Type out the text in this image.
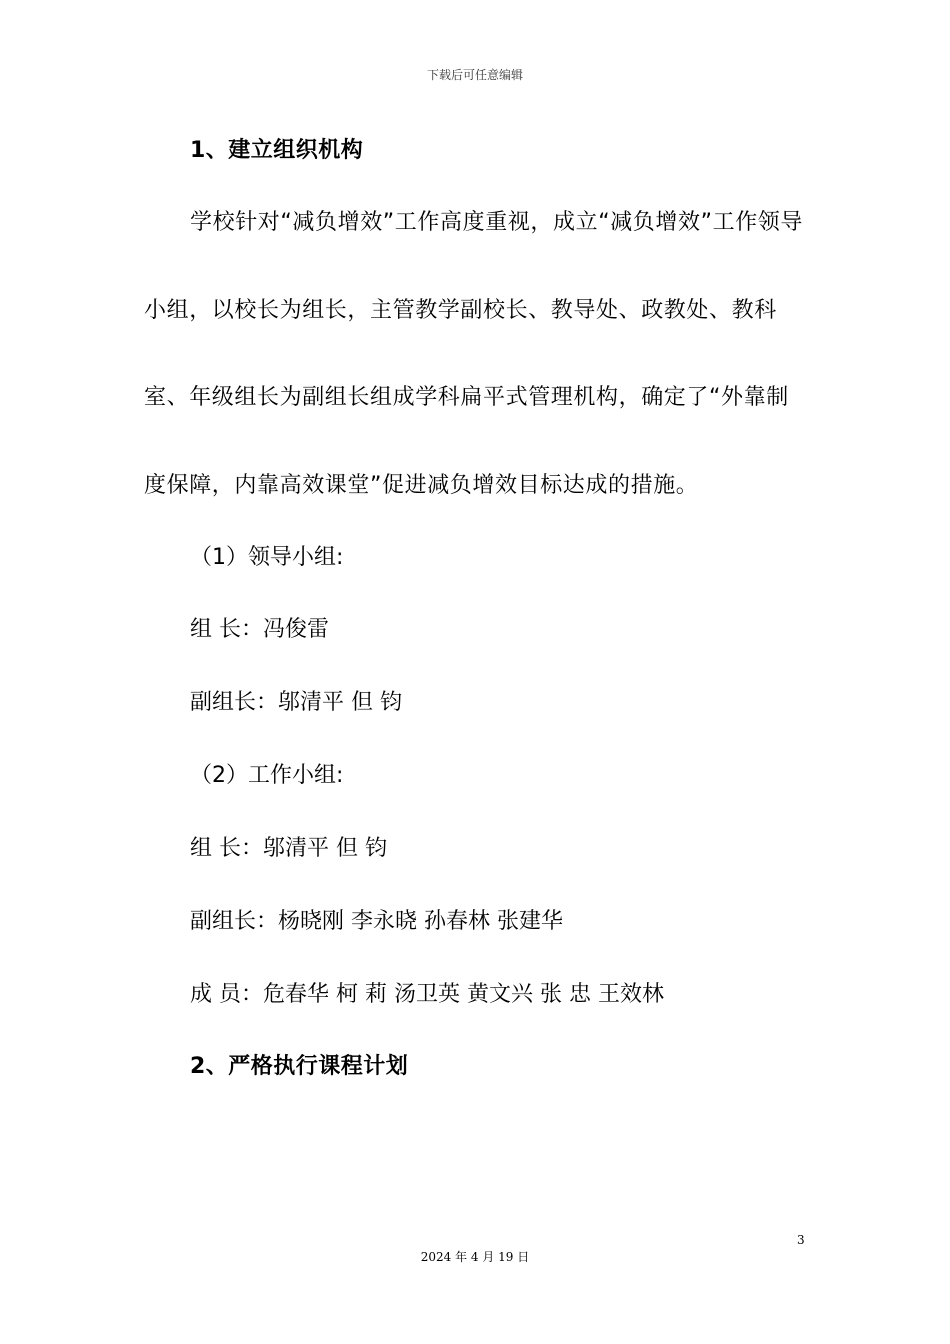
下载后可任意编辑
1、建立组织机构
学校针对“减负增效”工作高度重视，成立“减负增效”工作领导
小组，以校长为组长，主管教学副校长、教导处、政教处、教科
室、年级组长为副组长组成学科扁平式管理机构，确定了“外靠制
度保障，内靠高效课堂”促进减负增效目标达成的措施。
（1）领导小组:
组 长：冯俊雷
副组长：邬清平 但 钧
（2）工作小组:
组 长：邬清平 但 钧
副组长：杨晓刚 李永晓 孙春林 张建华
成 员：危春华 柯 莉 汤卫英 黄文兴 张 忠 王效林
2、严格执行课程计划
3
2024 年 4 月 19 日
